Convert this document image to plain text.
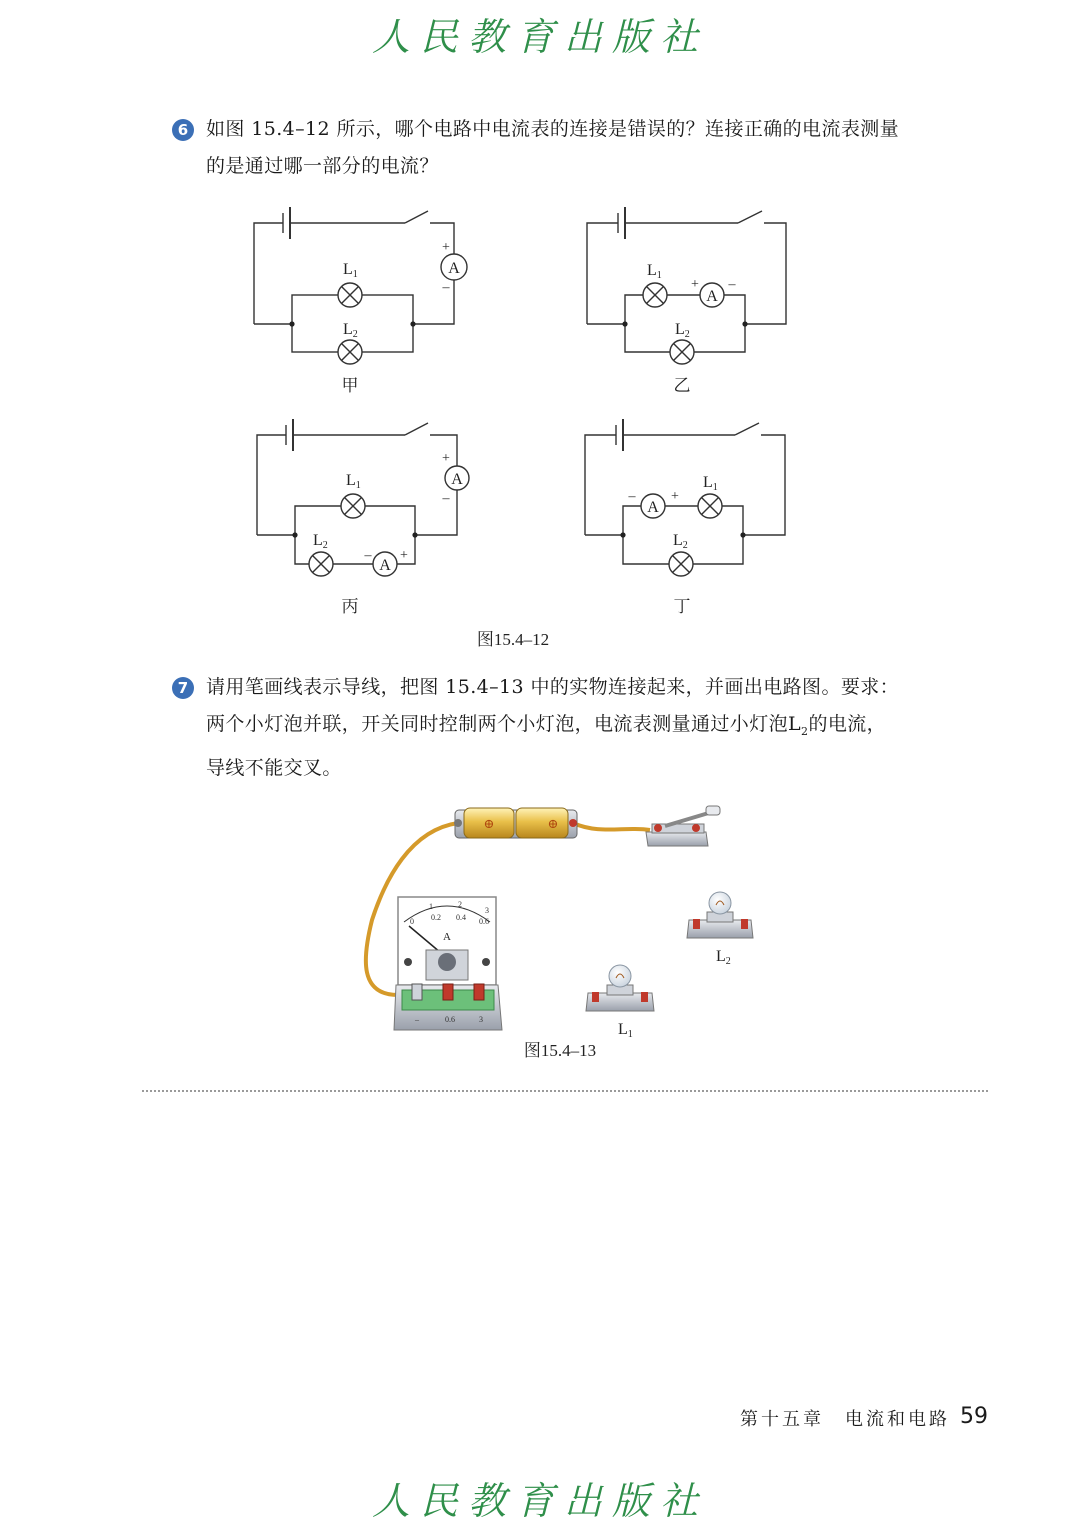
人民教育出版社
6 如图 15.4–12 所示，哪个电路中电流表的连接是错误的？连接正确的电流表测量

的是通过哪一部分的电流？

A
A
A
A
A
+
–	+ –
+
–
– +
–	+
L1
L2
L1
L2
L1
L2
L1
L2
甲	乙
丙	丁
图15.4–12
7 请用笔画线表示导线，把图 15.4–13 中的实物连接起来，并画出电路图。要求：

两个小灯泡并联，开关同时控制两个小灯泡，电流表测量通过小灯泡$L_2$的电流，

导线不能交叉。

⊕	⊕
0 0.2 0.4 0.6
1	2
3
A
–	0.6	3
L1
L2
图15.4–13
第十五章　电流和电路 59
人民教育出版社
